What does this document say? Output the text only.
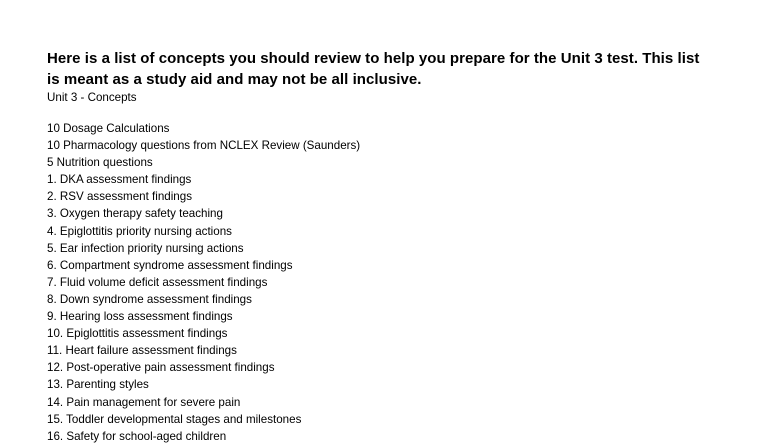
Here is a list of concepts you should review to help you prepare for the Unit 3 test. This list
is meant as a study aid and may not be all inclusive.

Unit 3 - Concepts

10 Dosage Calculations
10 Pharmacology questions from NCLEX Review (Saunders)
5 Nutrition questions
1. DKA assessment findings
2. RSV assessment findings
3. Oxygen therapy safety teaching
4. Epiglottitis priority nursing actions
5. Ear infection priority nursing actions
6. Compartment syndrome assessment findings
7. Fluid volume deficit assessment findings
8. Down syndrome assessment findings
9. Hearing loss assessment findings
10. Epiglottitis assessment findings
11. Heart failure assessment findings
12. Post-operative pain assessment findings
13. Parenting styles
14. Pain management for severe pain
15. Toddler developmental stages and milestones
16. Safety for school-aged children
